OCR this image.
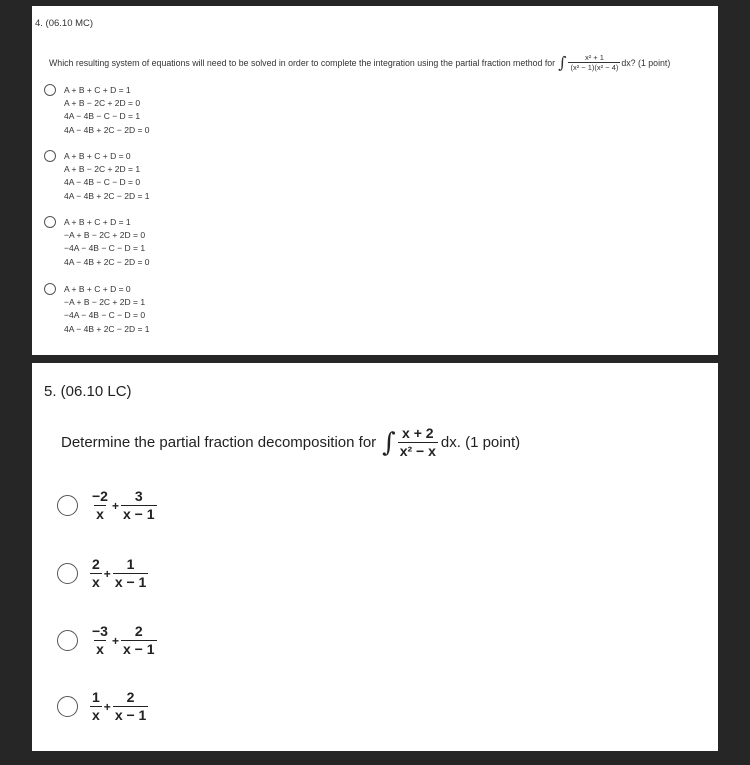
4. (06.10 MC)
Which resulting system of equations will need to be solved in order to complete the integration using the partial fraction method for ∫ $\frac{\text{x² + 1}}{\text{(x² − 1)(x² − 4)}}$ dx? (1 point)
A + B + C + D = 1
A + B − 2C + 2D = 0
4A − 4B − C − D = 1
4A − 4B + 2C − 2D = 0
A + B + C + D = 0
A + B − 2C + 2D = 1
4A − 4B − C − D = 0
4A − 4B + 2C − 2D = 1
A + B + C + D = 1
−A + B − 2C + 2D = 0
−4A − 4B − C − D = 1
4A − 4B + 2C − 2D = 0
A + B + C + D = 0
−A + B − 2C + 2D = 1
−4A − 4B − C − D = 0
4A − 4B + 2C − 2D = 1
5. (06.10 LC)
Determine the partial fraction decomposition for ∫ $\frac{x + 2}{\text{x² − x}}$ dx. (1 point)
$\frac{-2}{x} + \frac{3}{x - 1}$
$\frac{2}{x} + \frac{1}{x - 1}$
$\frac{-3}{x} + \frac{2}{x - 1}$
$\frac{1}{x} + \frac{2}{x - 1}$
